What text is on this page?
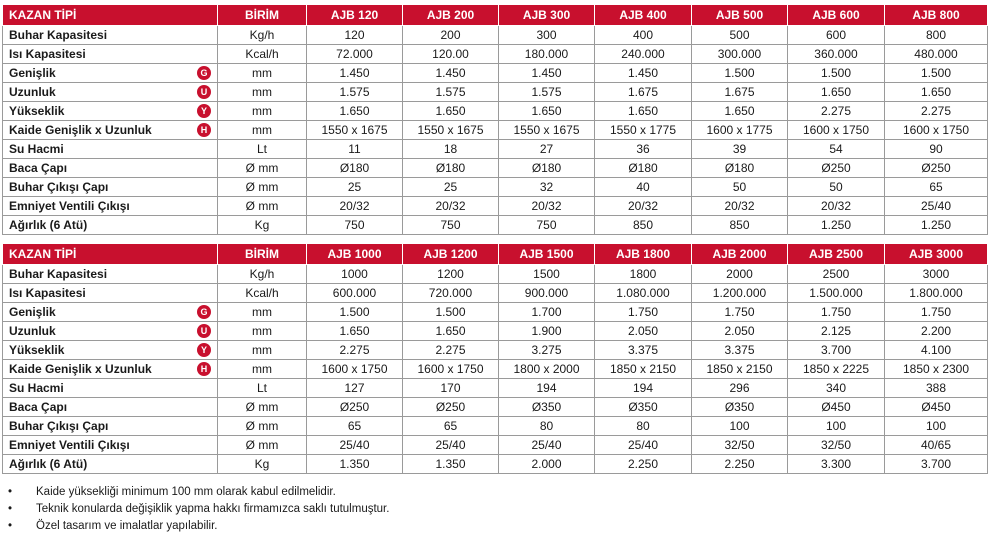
KAZAN TİPİ	BİRİM	AJB 120	AJB 200	AJB 300	AJB 400	AJB 500	AJB 600	AJB 800
Buhar Kapasitesi	Kg/h	120	200	300	400	500	600	800
Isı Kapasitesi	Kcal/h	72.000	120.00	180.000	240.000	300.000	360.000	480.000
Genişlik G	mm	1.450	1.450	1.450	1.450	1.500	1.500	1.500
Uzunluk U	mm	1.575	1.575	1.575	1.675	1.675	1.650	1.650
Yükseklik Y	mm	1.650	1.650	1.650	1.650	1.650	2.275	2.275
Kaide Genişlik x Uzunluk H	mm	1550 x 1675	1550 x 1675	1550 x 1675	1550 x 1775	1600 x 1775	1600 x 1750	1600 x 1750
Su Hacmi	Lt	11	18	27	36	39	54	90
Baca Çapı	Ø mm	Ø180	Ø180	Ø180	Ø180	Ø180	Ø250	Ø250
Buhar Çıkışı Çapı	Ø mm	25	25	32	40	50	50	65
Emniyet Ventili Çıkışı	Ø mm	20/32	20/32	20/32	20/32	20/32	20/32	25/40
Ağırlık (6 Atü)	Kg	750	750	750	850	850	1.250	1.250
KAZAN TİPİ	BİRİM	AJB 1000	AJB 1200	AJB 1500	AJB 1800	AJB 2000	AJB 2500	AJB 3000
Buhar Kapasitesi	Kg/h	1000	1200	1500	1800	2000	2500	3000
Isı Kapasitesi	Kcal/h	600.000	720.000	900.000	1.080.000	1.200.000	1.500.000	1.800.000
Genişlik G	mm	1.500	1.500	1.700	1.750	1.750	1.750	1.750
Uzunluk U	mm	1.650	1.650	1.900	2.050	2.050	2.125	2.200
Yükseklik Y	mm	2.275	2.275	3.275	3.375	3.375	3.700	4.100
Kaide Genişlik x Uzunluk H	mm	1600 x 1750	1600 x 1750	1800 x 2000	1850 x 2150	1850 x 2150	1850 x 2225	1850 x 2300
Su Hacmi	Lt	127	170	194	194	296	340	388
Baca Çapı	Ø mm	Ø250	Ø250	Ø350	Ø350	Ø350	Ø450	Ø450
Buhar Çıkışı Çapı	Ø mm	65	65	80	80	100	100	100
Emniyet Ventili Çıkışı	Ø mm	25/40	25/40	25/40	25/40	32/50	32/50	40/65
Ağırlık (6 Atü)	Kg	1.350	1.350	2.000	2.250	2.250	3.300	3.700
• Kaide yüksekliği minimum 100 mm olarak kabul edilmelidir.
• Teknik konularda değişiklik yapma hakkı firmamızca saklı tutulmuştur.
• Özel tasarım ve imalatlar yapılabilir.
